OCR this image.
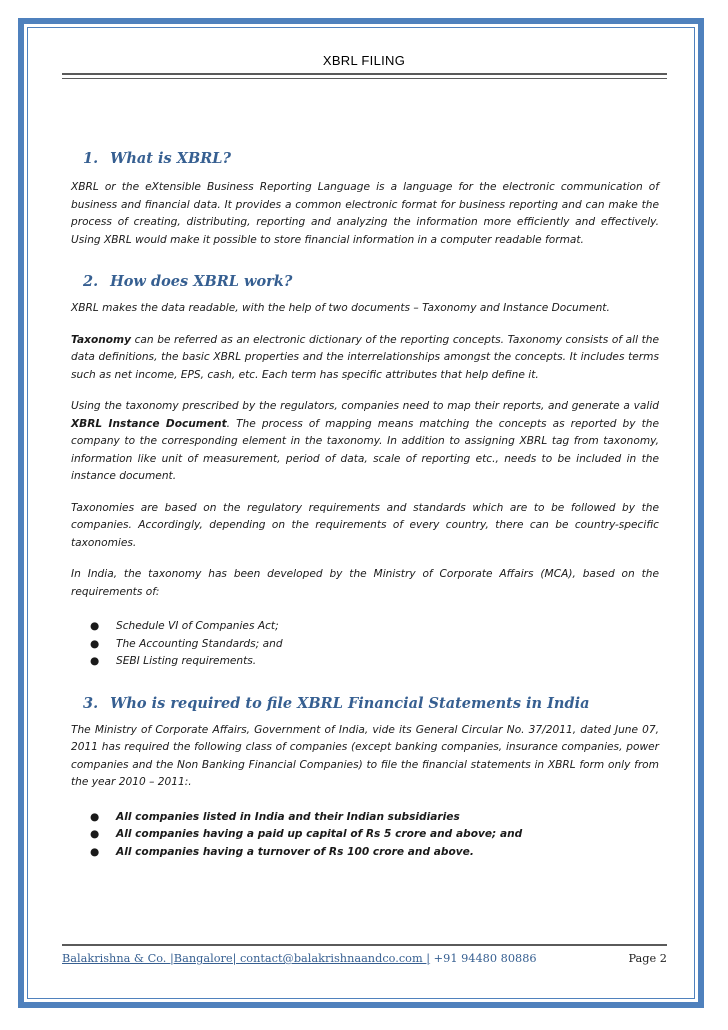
XBRL FILING
1. What is XBRL?

XBRL or the eXtensible Business Reporting Language is a language for the electronic communication of business and financial data. It provides a common electronic format for business reporting and can make the process of creating, distributing, reporting and analyzing the information more efficiently and effectively. Using XBRL would make it possible to store financial information in a computer readable format.

2. How does XBRL work?

XBRL makes the data readable, with the help of two documents – Taxonomy and Instance Document.

Taxonomy can be referred as an electronic dictionary of the reporting concepts. Taxonomy consists of all the data definitions, the basic XBRL properties and the interrelationships amongst the concepts. It includes terms such as net income, EPS, cash, etc. Each term has specific attributes that help define it.

Using the taxonomy prescribed by the regulators, companies need to map their reports, and generate a valid XBRL Instance Document. The process of mapping means matching the concepts as reported by the company to the corresponding element in the taxonomy. In addition to assigning XBRL tag from taxonomy, information like unit of measurement, period of data, scale of reporting etc., needs to be included in the instance document.

Taxonomies are based on the regulatory requirements and standards which are to be followed by the companies. Accordingly, depending on the requirements of every country, there can be country-specific taxonomies.

In India, the taxonomy has been developed by the Ministry of Corporate Affairs (MCA), based on the requirements of:

● Schedule VI of Companies Act;
● The Accounting Standards; and
● SEBI Listing requirements.
3. Who is required to file XBRL Financial Statements in India

The Ministry of Corporate Affairs, Government of India, vide its General Circular No. 37/2011, dated June 07, 2011 has required the following class of companies (except banking companies, insurance companies, power companies and the Non Banking Financial Companies) to file the financial statements in XBRL form only from the year 2010 – 2011:.

● All companies listed in India and their Indian subsidiaries
● All companies having a paid up capital of Rs 5 crore and above; and
● All companies having a turnover of Rs 100 crore and above.
Balakrishna & Co. |Bangalore| contact@balakrishnaandco.com | +91 94480 80886	Page 2
